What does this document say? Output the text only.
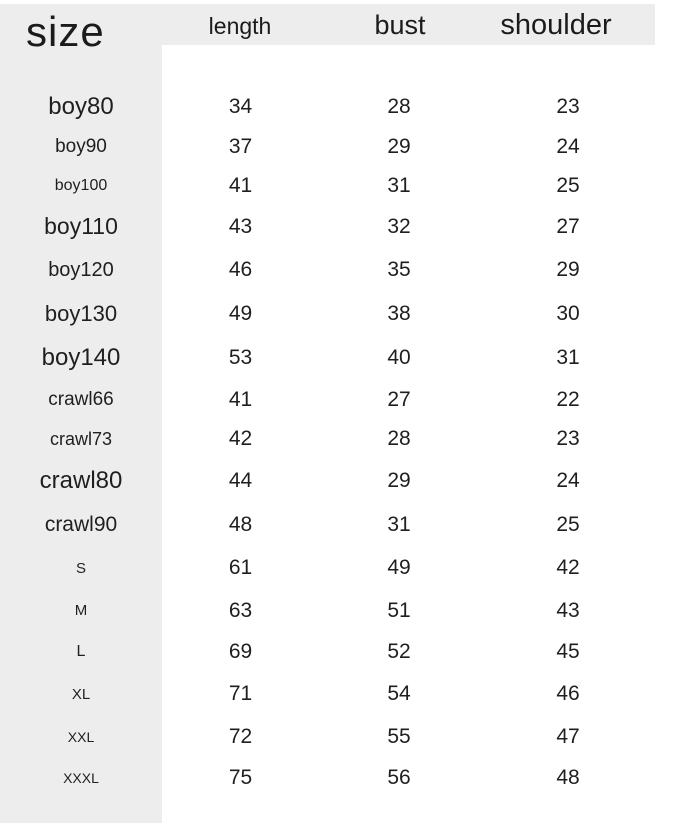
size	length	bust	shoulder
boy80	34	28	23
boy90	37	29	24
boy100	41	31	25
boy110	43	32	27
boy120	46	35	29
boy130	49	38	30
boy140	53	40	31
crawl66	41	27	22
crawl73	42	28	23
crawl80	44	29	24
crawl90	48	31	25
S	61	49	42
M	63	51	43
L	69	52	45
XL	71	54	46
XXL	72	55	47
XXXL	75	56	48
